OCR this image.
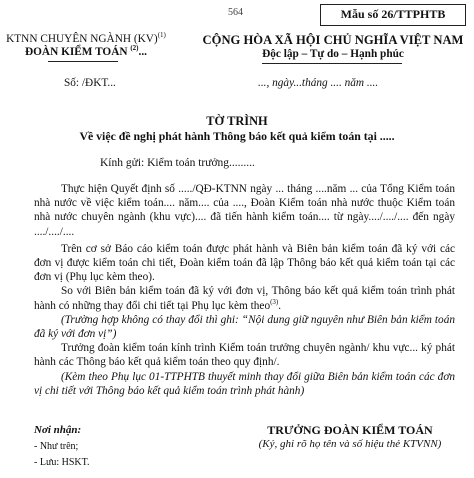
564	Mẫu số 26/TTPHTB
KTNN CHUYÊN NGÀNH (KV)$^{(1)}$
ĐOÀN KIỂM TOÁN $^{(2)}$...
CỘNG HÒA XÃ HỘI CHỦ NGHĨA VIỆT NAM
Độc lập – Tự do – Hạnh phúc
Số: /ĐKT...	..., ngày...tháng .... năm ....
TỜ TRÌNH
Về việc đề nghị phát hành Thông báo kết quả kiểm toán tại .....
Kính gửi: Kiểm toán trưởng.........

Thực hiện Quyết định số ...../QĐ-KTNN ngày ... tháng ....năm ... của Tổng Kiểm toán nhà nước về việc kiểm toán.... năm.... của ...., Đoàn Kiểm toán nhà nước thuộc Kiểm toán nhà nước chuyên ngành (khu vực).... đã tiến hành kiểm toán.... từ ngày..../..../.... đến ngày ..../..../....

Trên cơ sở Báo cáo kiểm toán được phát hành và Biên bản kiểm toán đã ký với các đơn vị được kiểm toán chi tiết, Đoàn kiểm toán đã lập Thông báo kết quả kiểm toán tại các đơn vị (Phụ lục kèm theo).

So với Biên bản kiểm toán đã ký với đơn vị, Thông báo kết quả kiểm toán trình phát hành có những thay đổi chi tiết tại Phụ lục kèm theo$^{(3)}$.

(Trường hợp không có thay đổi thì ghi: “Nội dung giữ nguyên như Biên bản kiểm toán đã ký với đơn vị”)

Trưởng đoàn kiểm toán kính trình Kiểm toán trưởng chuyên ngành/ khu vực... ký phát hành các Thông báo kết quả kiểm toán theo quy định/.

(Kèm theo Phụ lục 01-TTPHTB thuyết minh thay đổi giữa Biên bản kiểm toán các đơn vị chi tiết với Thông báo kết quả kiểm toán trình phát hành)

Nơi nhận:
- Như trên;
- Lưu: HSKT.
TRƯỞNG ĐOÀN KIỂM TOÁN
(Ký, ghi rõ họ tên và số hiệu thẻ KTVNN)
